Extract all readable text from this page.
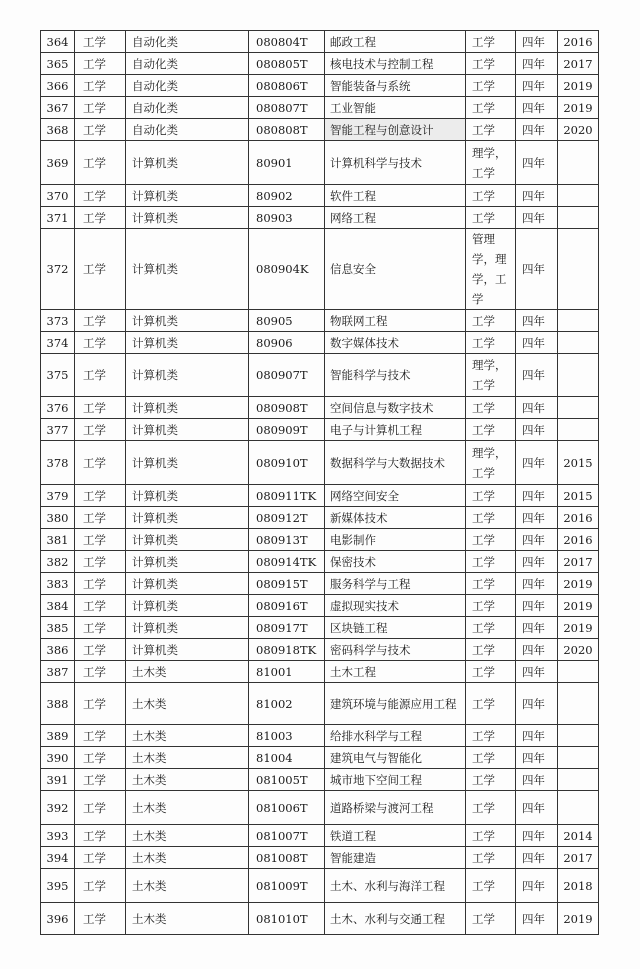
364	工学	自动化类	080804T	邮政工程	工学	四年	2016
365	工学	自动化类	080805T	核电技术与控制工程	工学	四年	2017
366	工学	自动化类	080806T	智能装备与系统	工学	四年	2019
367	工学	自动化类	080807T	工业智能	工学	四年	2019
368	工学	自动化类	080808T	智能工程与创意设计	工学	四年	2020
369	工学	计算机类	80901	计算机科学与技术	理学，工学	四年	
370	工学	计算机类	80902	软件工程	工学	四年	
371	工学	计算机类	80903	网络工程	工学	四年	
372	工学	计算机类	080904K	信息安全	管理学，理学，工学	四年	
373	工学	计算机类	80905	物联网工程	工学	四年	
374	工学	计算机类	80906	数字媒体技术	工学	四年	
375	工学	计算机类	080907T	智能科学与技术	理学，工学	四年	
376	工学	计算机类	080908T	空间信息与数字技术	工学	四年	
377	工学	计算机类	080909T	电子与计算机工程	工学	四年	
378	工学	计算机类	080910T	数据科学与大数据技术	理学，工学	四年	2015
379	工学	计算机类	080911TK	网络空间安全	工学	四年	2015
380	工学	计算机类	080912T	新媒体技术	工学	四年	2016
381	工学	计算机类	080913T	电影制作	工学	四年	2016
382	工学	计算机类	080914TK	保密技术	工学	四年	2017
383	工学	计算机类	080915T	服务科学与工程	工学	四年	2019
384	工学	计算机类	080916T	虚拟现实技术	工学	四年	2019
385	工学	计算机类	080917T	区块链工程	工学	四年	2019
386	工学	计算机类	080918TK	密码科学与技术	工学	四年	2020
387	工学	土木类	81001	土木工程	工学	四年	
388	工学	土木类	81002	建筑环境与能源应用工程	工学	四年	
389	工学	土木类	81003	给排水科学与工程	工学	四年	
390	工学	土木类	81004	建筑电气与智能化	工学	四年	
391	工学	土木类	081005T	城市地下空间工程	工学	四年	
392	工学	土木类	081006T	道路桥梁与渡河工程	工学	四年	
393	工学	土木类	081007T	铁道工程	工学	四年	2014
394	工学	土木类	081008T	智能建造	工学	四年	2017
395	工学	土木类	081009T	土木、水利与海洋工程	工学	四年	2018
396	工学	土木类	081010T	土木、水利与交通工程	工学	四年	2019
